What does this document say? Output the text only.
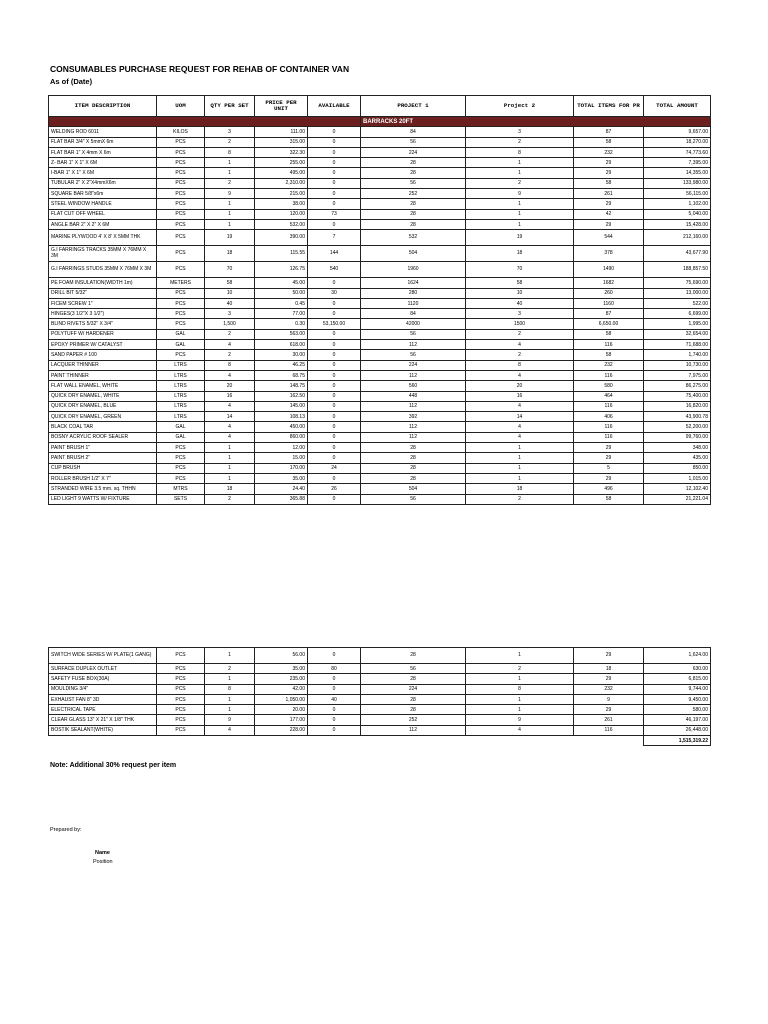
CONSUMABLES PURCHASE REQUEST FOR REHAB OF CONTAINER VAN
As of (Date)
ITEM DESCRIPTION	UOM	QTY PER SET	PRICE PER UNIT	AVAILABLE	PROJECT 1	Project 2	TOTAL ITEMS FOR PR	TOTAL AMOUNT
					BARRACKS 20FT			
WELDING ROD 6011	KILOS	3	111.00	0	84	3	87	9,657.00
FLAT BAR 3/4" X 5mmX 6m	PCS	2	315.00	0	56	2	58	18,270.00
FLAT BAR 1" X 4mm X 6m	PCS	8	322.30	0	224	8	232	74,773.60
Z- BAR 1" X 1" X 6M	PCS	1	255.00	0	28	1	29	7,395.00
I-BAR 1" X 1" X 6M	PCS	1	495.00	0	28	1	29	14,355.00
TUBULAR 2" X 2"X4mmX6m	PCS	2	2,310.00	0	56	2	58	133,980.00
SQUARE BAR 5/8"x6m	PCS	9	215.00	0	252	9	261	56,115.00
STEEL WINDOW HANDLE	PCS	1	38.00	0	28	1	29	1,102.00
FLAT CUT OFF WHEEL	PCS	1	120.00	73	28	1	42	5,040.00
ANGLE BAR 2" X 2" X 6M	PCS	1	532.00	0	28	1	29	15,428.00
MARINE PLYWOOD 4' X 8' X 5MM THK	PCS	19	390.00	7	532	19	544	212,160.00
G.I FARRINGS TRACKS 35MM X 76MM X 3M	PCS	18	115.55	144	504	18	378	43,677.90
G.I FARRINGS STUDS 35MM X 76MM X 3M	PCS	70	126.75	540	1960	70	1490	188,857.50
PE FOAM INSULATION(WIDTH 1m)	METERS	58	45.00	0	1624	58	1682	75,690.00
DRILL BIT 5/32"	PCS	10	50.00	30	280	10	260	13,000.00
FICEM SCREW 1"	PCS	40	0.45	0	1120	40	1160	522.00
HINGES(3 1/2"X 3 1/2")	PCS	3	77.00	0	84	3	87	6,699.00
BLIND RIVETS 5/32" X 3/4"	PCS	1,500	0.30	53,150.00	42000	1500	6,650.00	1,995.00
POLYTUFF W/ HARDENER	GAL	2	563.00	0	56	2	58	32,654.00
EPOXY PRIMER W/ CATALYST	GAL	4	618.00	0	112	4	116	71,688.00
SAND PAPER # 100	PCS	2	30.00	0	56	2	58	1,740.00
LACQUER THINNER	LTRS	8	46.25	0	224	8	232	10,730.00
PAINT THINNER	LTRS	4	68.75	0	112	4	116	7,975.00
FLAT WALL ENAMEL, WHITE	LTRS	20	148.75	0	560	20	580	86,275.00
QUICK DRY ENAMEL, WHITE	LTRS	16	162.50	0	448	16	464	75,400.00
QUICK DRY ENAMEL, BLUE	LTRS	4	145.00	0	112	4	116	16,820.00
QUICK DRY ENAMEL, GREEN	LTRS	14	108.13	0	392	14	406	43,900.78
BLACK COAL TAR	GAL	4	450.00	0	112	4	116	52,200.00
BOSNY ACRYLIC ROOF SEALER	GAL	4	860.00	0	112	4	116	99,760.00
PAINT BRUSH 1"	PCS	1	12.00	0	28	1	29	348.00
PAINT BRUSH 2"	PCS	1	15.00	0	28	1	29	435.00
CUP BRUSH	PCS	1	170.00	24	28	1	5	850.00
ROLLER BRUSH 1/2" X 7"	PCS	1	35.00	0	28	1	29	1,015.00
STRANDED WIRE 3.5 mm. sq. THHN	MTRS	18	24.40	26	504	18	496	12,102.40
LED LIGHT 9 WATTS W/ FIXTURE	SETS	2	365.88	0	56	2	58	21,221.04
SWITCH WIDE SERIES W/ PLATE(1 GANG)	PCS	1	56.00	0	28	1	29	1,624.00
SURFACE DUPLEX OUTLET	PCS	2	35.00	80	56	2	18	630.00
SAFETY FUSE BOX(30A)	PCS	1	235.00	0	28	1	29	6,815.00
MOULDING 3/4"	PCS	8	42.00	0	224	8	232	9,744.00
EXHAUST FAN 8" 3D	PCS	1	1,050.00	40	28	1	9	9,450.00
ELECTRICAL TAPE	PCS	1	20.00	0	28	1	29	580.00
CLEAR GLASS 13" X 21" X 1/8" THK	PCS	9	177.00	0	252	9	261	46,197.00
BOSTIK SEALANT(WHITE)	PCS	4	228.00	0	112	4	116	26,448.00
								1,515,319.22
Note: Additional 30% request per item
Prepared by:
Name
Position
